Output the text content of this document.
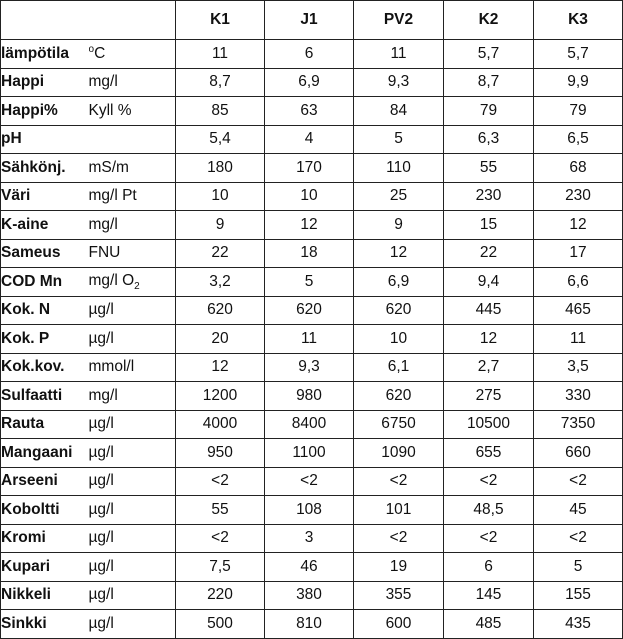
		K1	J1	PV2	K2	K3
lämpötila	$^o$C	11	6	11	5,7	5,7
Happi	mg/l	8,7	6,9	9,3	8,7	9,9
Happi%	Kyll %	85	63	84	79	79
pH		5,4	4	5	6,3	6,5
Sähkönj.	mS/m	180	170	110	55	68
Väri	mg/l Pt	10	10	25	230	230
K-aine	mg/l	9	12	9	15	12
Sameus	FNU	22	18	12	22	17
COD Mn	mg/l $O_2$	3,2	5	6,9	9,4	6,6
Kok. N	µg/l	620	620	620	445	465
Kok. P	µg/l	20	11	10	12	11
Kok.kov.	mmol/l	12	9,3	6,1	2,7	3,5
Sulfaatti	mg/l	1200	980	620	275	330
Rauta	µg/l	4000	8400	6750	10500	7350
Mangaani	µg/l	950	1100	1090	655	660
Arseeni	µg/l	<2	<2	<2	<2	<2
Koboltti	µg/l	55	108	101	48,5	45
Kromi	µg/l	<2	3	<2	<2	<2
Kupari	µg/l	7,5	46	19	6	5
Nikkeli	µg/l	220	380	355	145	155
Sinkki	µg/l	500	810	600	485	435
